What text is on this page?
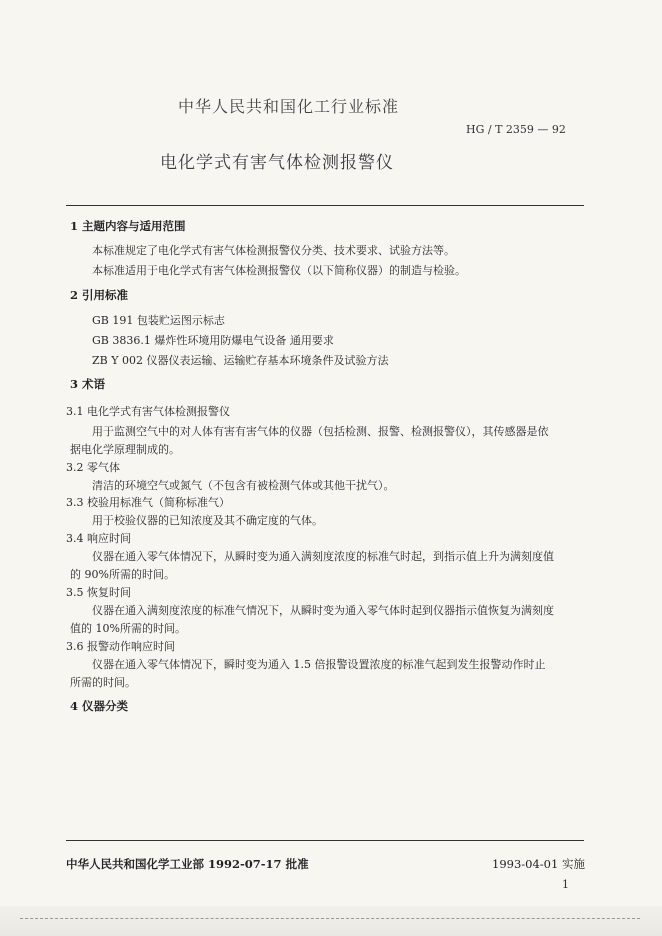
中华人民共和国化工行业标准
HG / T 2359 — 92
电化学式有害气体检测报警仪
1 主题内容与适用范围
本标准规定了电化学式有害气体检测报警仪分类、技术要求、试验方法等。
本标准适用于电化学式有害气体检测报警仪（以下简称仪器）的制造与检验。
2 引用标准
GB 191 包装贮运图示标志
GB 3836.1 爆炸性环境用防爆电气设备 通用要求
ZB Y 002 仪器仪表运输、运输贮存基本环境条件及试验方法
3 术语
3.1 电化学式有害气体检测报警仪
用于监测空气中的对人体有害有害气体的仪器（包括检测、报警、检测报警仪），其传感器是依
据电化学原理制成的。
3.2 零气体
清洁的环境空气或氮气（不包含有被检测气体或其他干扰气）。
3.3 校验用标准气（简称标准气）
用于校验仪器的已知浓度及其不确定度的气体。
3.4 响应时间
仪器在通入零气体情况下，从瞬时变为通入满刻度浓度的标准气时起，到指示值上升为满刻度值
的 90%所需的时间。
3.5 恢复时间
仪器在通入满刻度浓度的标准气情况下，从瞬时变为通入零气体时起到仪器指示值恢复为满刻度
值的 10%所需的时间。
3.6 报警动作响应时间
仪器在通入零气体情况下，瞬时变为通入 1.5 倍报警设置浓度的标准气起到发生报警动作时止
所需的时间。
4 仪器分类
中华人民共和国化学工业部 1992-07-17 批准	1993-04-01 实施
1
